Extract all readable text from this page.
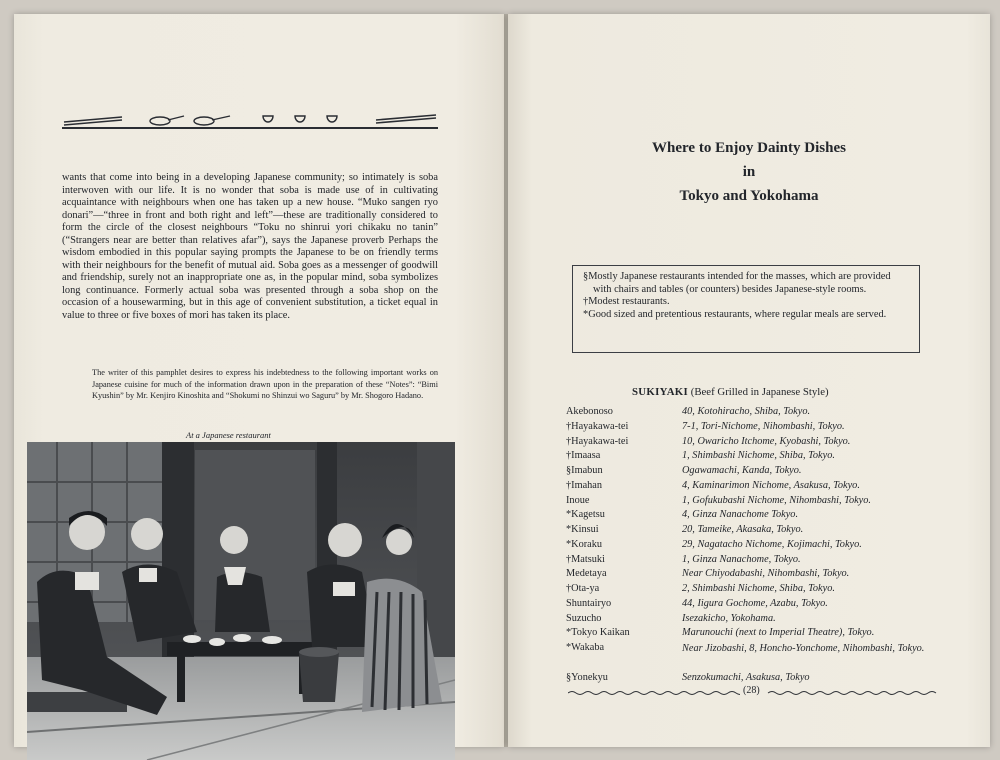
wants that come into being in a developing Japanese community; so intimately is soba interwoven with our life. It is no wonder that soba is made use of in cultivating acquaintance with neighbours when one has taken up a new house. “Muko sangen ryo donari”—“three in front and both right and left”—these are traditionally considered to form the circle of the closest neighbours “Toku no shinrui yori chikaku no tanin” (“Strangers near are better than relatives afar”), says the Japanese proverb Perhaps the wisdom embodied in this popular saying prompts the Japanese to be on friendly terms with their neighbours for the benefit of mutual aid. Soba goes as a messenger of goodwill and friendship, surely not an inappropriate one as, in the popular mind, soba symbolizes long continuance. Formerly actual soba was presented through a soba shop on the occasion of a housewarming, but in this age of convenient substitution, a ticket equal in value to three or five boxes of mori has taken its place.
The writer of this pamphlet desires to express his indebtedness to the following important works on Japanese cuisine for much of the information drawn upon in the preparation of these “Notes”: “Bimi Kyushin” by Mr. Kenjiro Kinoshita and “Shokumi no Shinzui wo Saguru” by Mr. Shogoro Hadano.
At a Japanese restaurant
Where to Enjoy Dainty Dishes
in
Tokyo and Yokohama
§Mostly Japanese restaurants intended for the masses, which are provided with chairs and tables (or counters) besides Japanese-style rooms.
†Modest restaurants.
*Good sized and pretentious restaurants, where regular meals are served.
SUKIYAKI (Beef Grilled in Japanese Style)
Akebonoso	40, Kotohiracho, Shiba, Tokyo.
†Hayakawa-tei	7-1, Tori-Nichome, Nihombashi, Tokyo.
†Hayakawa-tei	10, Owaricho Itchome, Kyobashi, Tokyo.
†Imaasa	1, Shimbashi Nichome, Shiba, Tokyo.
§Imabun	Ogawamachi, Kanda, Tokyo.
†Imahan	4, Kaminarimon Nichome, Asakusa, Tokyo.
Inoue	1, Gofukubashi Nichome, Nihombashi, Tokyo.
*Kagetsu	4, Ginza Nanachome Tokyo.
*Kinsui	20, Tameike, Akasaka, Tokyo.
*Koraku	29, Nagatacho Nichome, Kojimachi, Tokyo.
†Matsuki	1, Ginza Nanachome, Tokyo.
Medetaya	Near Chiyodabashi, Nihombashi, Tokyo.
†Ota-ya	2, Shimbashi Nichome, Shiba, Tokyo.
Shuntairyo	44, Iigura Gochome, Azabu, Tokyo.
Suzucho	Isezakicho, Yokohama.
*Tokyo Kaikan	Marunouchi (next to Imperial Theatre), Tokyo.
*Wakaba	Near Jizobashi, 8, Honcho-Yonchome, Nihombashi, Tokyo.
§Yonekyu	Senzokumachi, Asakusa, Tokyo
(28)
